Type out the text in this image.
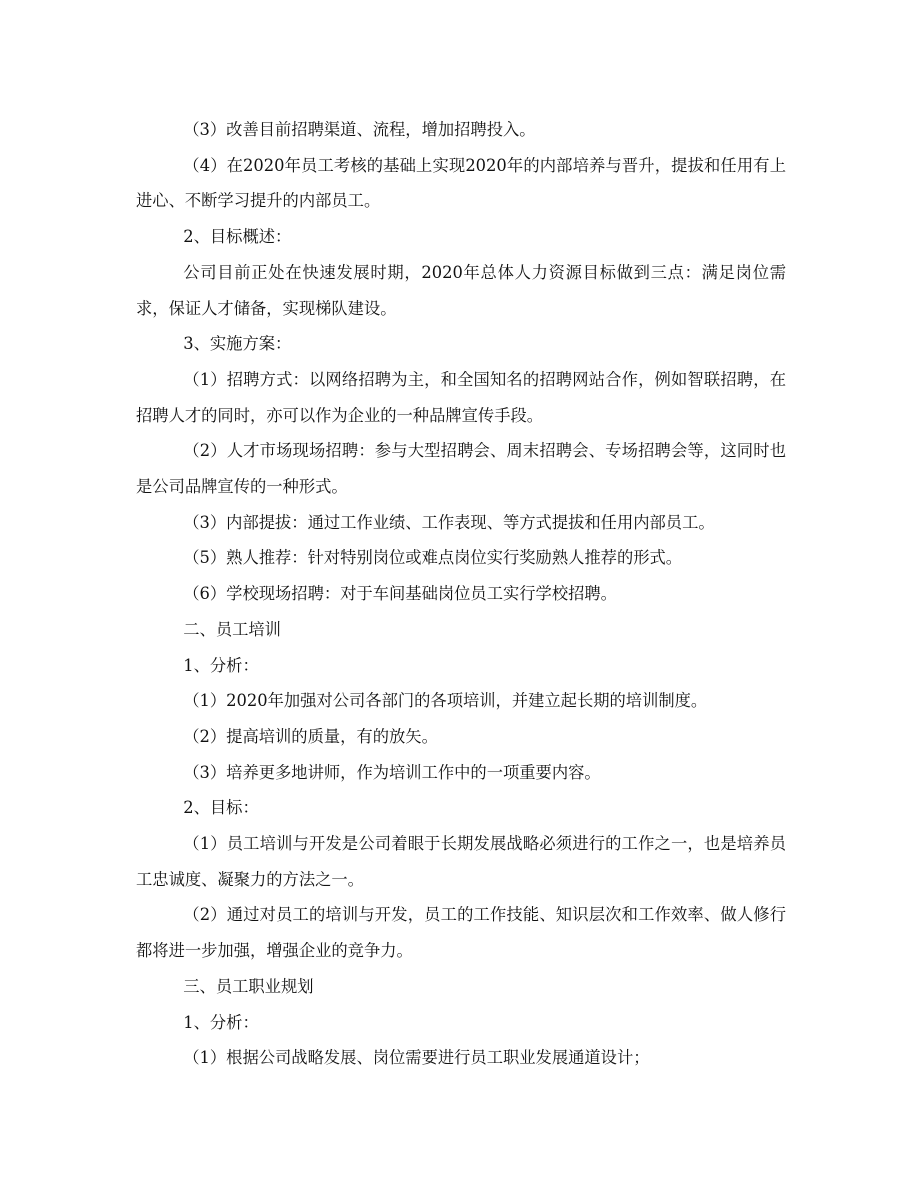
（3）改善目前招聘渠道、流程，增加招聘投入。

（4）在2020年员工考核的基础上实现2020年的内部培养与晋升，提拔和任用有上进心、不断学习提升的内部员工。

2、目标概述：

公司目前正处在快速发展时期，2020年总体人力资源目标做到三点：满足岗位需求，保证人才储备，实现梯队建设。

3、实施方案：

（1）招聘方式：以网络招聘为主，和全国知名的招聘网站合作，例如智联招聘，在招聘人才的同时，亦可以作为企业的一种品牌宣传手段。

（2）人才市场现场招聘：参与大型招聘会、周末招聘会、专场招聘会等，这同时也是公司品牌宣传的一种形式。

（3）内部提拔：通过工作业绩、工作表现、等方式提拔和任用内部员工。

（5）熟人推荐：针对特别岗位或难点岗位实行奖励熟人推荐的形式。

（6）学校现场招聘：对于车间基础岗位员工实行学校招聘。

二、员工培训

1、分析：

（1）2020年加强对公司各部门的各项培训，并建立起长期的培训制度。

（2）提高培训的质量，有的放矢。

（3）培养更多地讲师，作为培训工作中的一项重要内容。

2、目标：

（1）员工培训与开发是公司着眼于长期发展战略必须进行的工作之一，也是培养员工忠诚度、凝聚力的方法之一。

（2）通过对员工的培训与开发，员工的工作技能、知识层次和工作效率、做人修行都将进一步加强，增强企业的竞争力。

三、员工职业规划

1、分析：

（1）根据公司战略发展、岗位需要进行员工职业发展通道设计；
